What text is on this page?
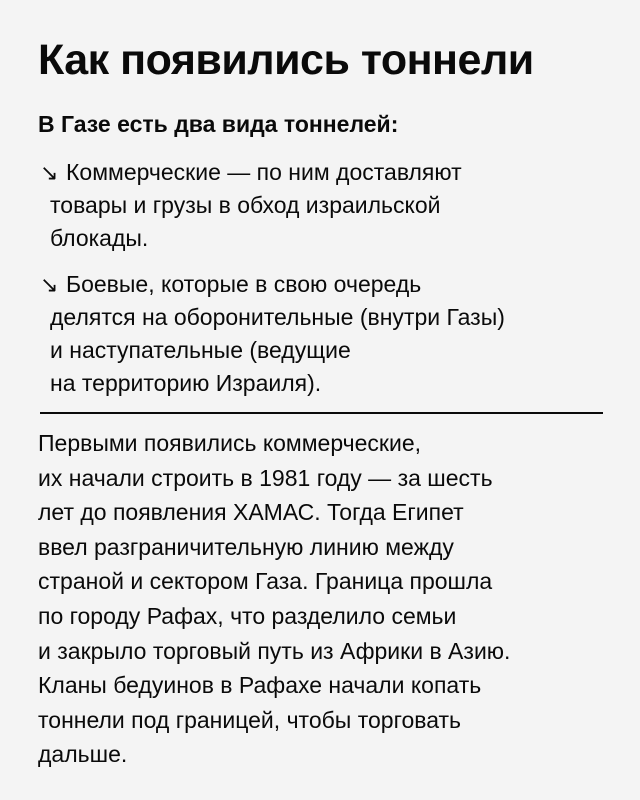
Как появились тоннели
В Газе есть два вида тоннелей:
↘ Коммерческие — по ним доставляют
товары и грузы в обход израильской
блокады.
↘ Боевые, которые в свою очередь
делятся на оборонительные (внутри Газы)
и наступательные (ведущие
на территорию Израиля).
Первыми появились коммерческие,
их начали строить в 1981 году — за шесть
лет до появления ХАМАС. Тогда Египет
ввел разграничительную линию между
страной и сектором Газа. Граница прошла
по городу Рафах, что разделило семьи
и закрыло торговый путь из Африки в Азию.
Кланы бедуинов в Рафахе начали копать
тоннели под границей, чтобы торговать
дальше.
